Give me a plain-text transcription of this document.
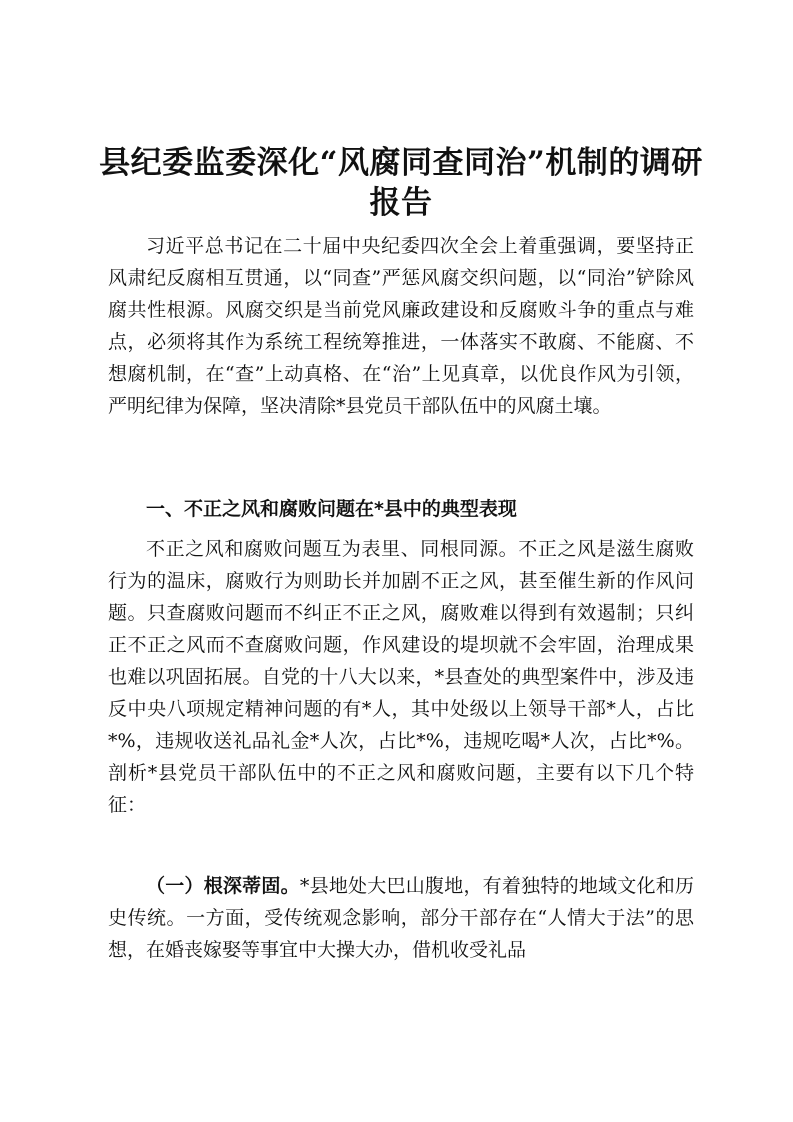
县纪委监委深化“风腐同查同治”机制的调研报告

习近平总书记在二十届中央纪委四次全会上着重强调，要坚持正风肃纪反腐相互贯通，以“同查”严惩风腐交织问题，以“同治”铲除风腐共性根源。风腐交织是当前党风廉政建设和反腐败斗争的重点与难点，必须将其作为系统工程统筹推进，一体落实不敢腐、不能腐、不想腐机制，在“查”上动真格、在“治”上见真章，以优良作风为引领，严明纪律为保障，坚决清除*县党员干部队伍中的风腐土壤。

一、不正之风和腐败问题在*县中的典型表现

不正之风和腐败问题互为表里、同根同源。不正之风是滋生腐败行为的温床，腐败行为则助长并加剧不正之风，甚至催生新的作风问题。只查腐败问题而不纠正不正之风，腐败难以得到有效遏制；只纠正不正之风而不查腐败问题，作风建设的堤坝就不会牢固，治理成果也难以巩固拓展。自党的十八大以来，*县查处的典型案件中，涉及违反中央八项规定精神问题的有*人，其中处级以上领导干部*人，占比*%，违规收送礼品礼金*人次，占比*%，违规吃喝*人次，占比*%。剖析*县党员干部队伍中的不正之风和腐败问题，主要有以下几个特征：

（一）根深蒂固。*县地处大巴山腹地，有着独特的地域文化和历史传统。一方面，受传统观念影响，部分干部存在“人情大于法”的思想，在婚丧嫁娶等事宜中大操大办，借机收受礼品
